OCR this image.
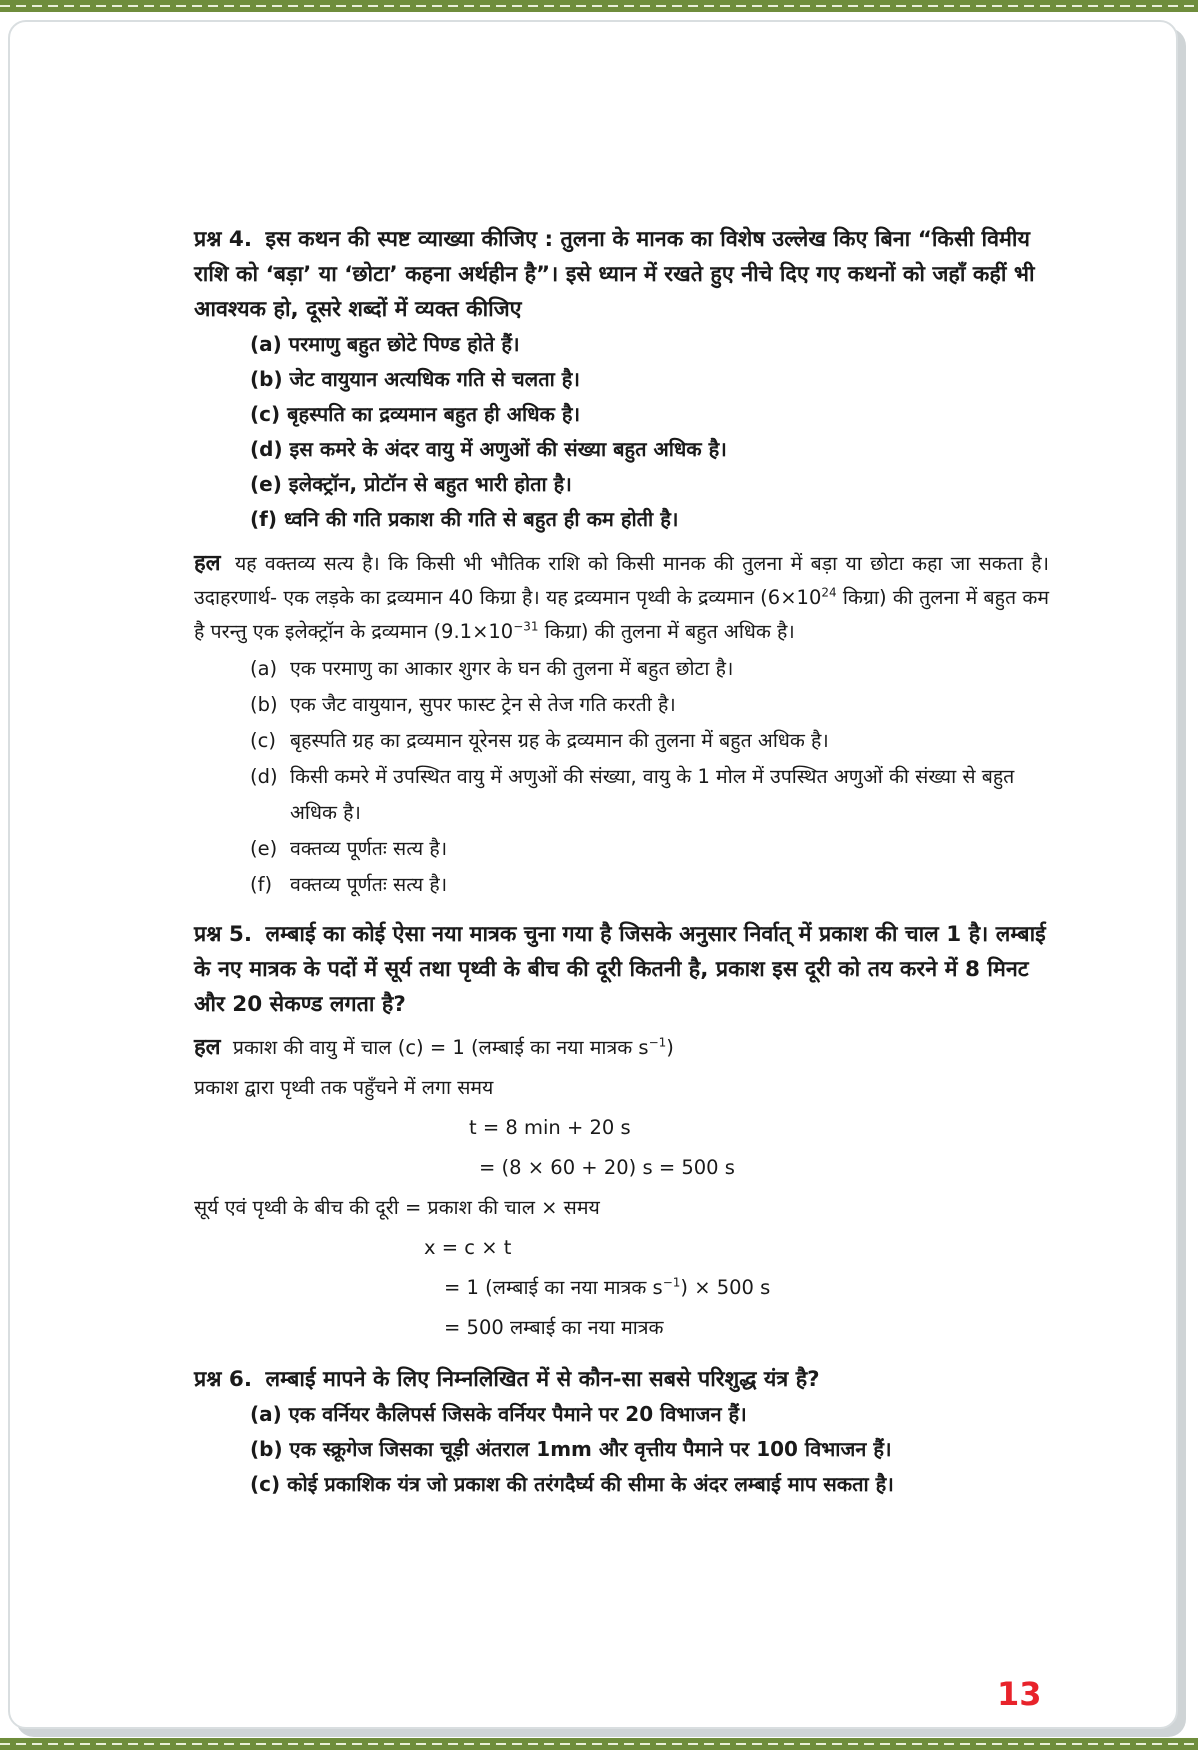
प्रश्न 4. इस कथन की स्पष्ट व्याख्या कीजिए : तुलना के मानक का विशेष उल्लेख किए बिना “किसी विमीय राशि को ‘बड़ा’ या ‘छोटा’ कहना अर्थहीन है”। इसे ध्यान में रखते हुए नीचे दिए गए कथनों को जहाँ कहीं भी आवश्यक हो, दूसरे शब्दों में व्यक्त कीजिए
(a) परमाणु बहुत छोटे पिण्ड होते हैं।
(b) जेट वायुयान अत्यधिक गति से चलता है।
(c) बृहस्पति का द्रव्यमान बहुत ही अधिक है।
(d) इस कमरे के अंदर वायु में अणुओं की संख्या बहुत अधिक है।
(e) इलेक्ट्रॉन, प्रोटॉन से बहुत भारी होता है।
(f) ध्वनि की गति प्रकाश की गति से बहुत ही कम होती है।
हल यह वक्तव्य सत्य है। कि किसी भी भौतिक राशि को किसी मानक की तुलना में बड़ा या छोटा कहा जा सकता है। उदाहरणार्थ- एक लड़के का द्रव्यमान 40 किग्रा है। यह द्रव्यमान पृथ्वी के द्रव्यमान ($6\times 10^{24}$ किग्रा) की तुलना में बहुत कम है परन्तु एक इलेक्ट्रॉन के द्रव्यमान ($9.1\times 10^{-31}$ किग्रा) की तुलना में बहुत अधिक है।
(a) एक परमाणु का आकार शुगर के घन की तुलना में बहुत छोटा है।
(b) एक जैट वायुयान, सुपर फास्ट ट्रेन से तेज गति करती है।
(c) बृहस्पति ग्रह का द्रव्यमान यूरेनस ग्रह के द्रव्यमान की तुलना में बहुत अधिक है।
(d) किसी कमरे में उपस्थित वायु में अणुओं की संख्या, वायु के 1 मोल में उपस्थित अणुओं की संख्या से बहुत अधिक है।
(e) वक्तव्य पूर्णतः सत्य है।
(f) वक्तव्य पूर्णतः सत्य है।
प्रश्न 5. लम्बाई का कोई ऐसा नया मात्रक चुना गया है जिसके अनुसार निर्वात् में प्रकाश की चाल 1 है। लम्बाई के नए मात्रक के पदों में सूर्य तथा पृथ्वी के बीच की दूरी कितनी है, प्रकाश इस दूरी को तय करने में 8 मिनट और 20 सेकण्ड लगता है?
हल प्रकाश की वायु में चाल (c) = 1 (लम्बाई का नया मात्रक $s^{-1}$)
प्रकाश द्वारा पृथ्वी तक पहुँचने में लगा समय
t = 8 min + 20 s
= (8 × 60 + 20) s = 500 s
सूर्य एवं पृथ्वी के बीच की दूरी = प्रकाश की चाल × समय
x = c × t
= 1 (लम्बाई का नया मात्रक $s^{-1}) \times 500$ s
= 500 लम्बाई का नया मात्रक
प्रश्न 6. लम्बाई मापने के लिए निम्नलिखित में से कौन-सा सबसे परिशुद्ध यंत्र है?
(a) एक वर्नियर कैलिपर्स जिसके वर्नियर पैमाने पर 20 विभाजन हैं।
(b) एक स्क्रूगेज जिसका चूड़ी अंतराल 1mm और वृत्तीय पैमाने पर 100 विभाजन हैं।
(c) कोई प्रकाशिक यंत्र जो प्रकाश की तरंगदैर्घ्य की सीमा के अंदर लम्बाई माप सकता है।
13
